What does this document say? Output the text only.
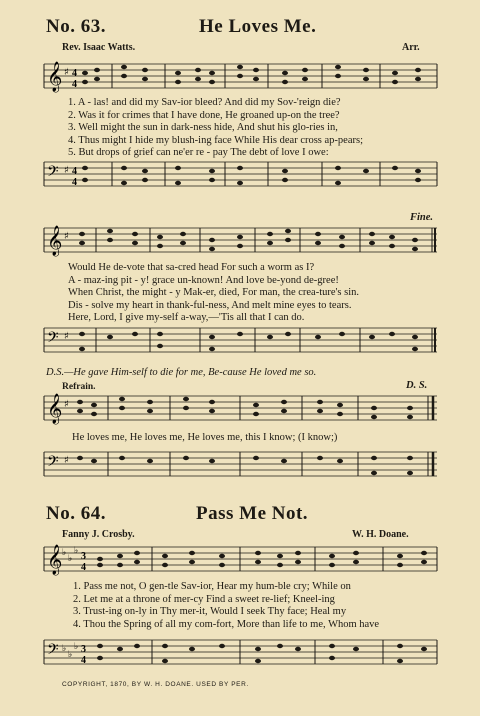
No. 63.	He Loves Me.
Rev. Isaac Watts.	Arr.
𝄞 ♯ 4
4
1. A - las! and did my Sav-ior bleed? And did my Sov-'reign die?
2. Was it for crimes that I have done, He groaned up-on the tree?
3. Well might the sun in dark-ness hide, And shut his glo-ries in,
4. Thus might I hide my blush-ing face While His dear cross ap-pears;
5. But drops of grief can ne'er re - pay The debt of love I owe:
𝄢 ♯ 4
4
Fine.
𝄞 ♯
Would He de-vote that sa-cred head For such a worm as I?
A - maz-ing pit - y! grace un-known! And love be-yond de-gree!
When Christ, the might - y Mak-er, died, For man, the crea-ture's sin.
Dis - solve my heart in thank-ful-ness, And melt mine eyes to tears.
Here, Lord, I give my-self a-way,—'Tis all that I can do.
𝄢 ♯
D.S.—He gave Him-self to die for me, Be-cause He loved me so.
Refrain.	D. S.
𝄞 ♯
He loves me, He loves me, He loves me, this I know; (I know;)
𝄢 ♯
No. 64.	Pass Me Not.
Fanny J. Crosby.	W. H. Doane.
𝄞 ♭
♭
♭ 3
4
1. Pass me not, O gen-tle Sav-ior, Hear my hum-ble cry; While on
2. Let me at a throne of mer-cy Find a sweet re-lief; Kneel-ing
3. Trust-ing on-ly in Thy mer-it, Would I seek Thy face; Heal my
4. Thou the Spring of all my com-fort, More than life to me, Whom have
𝄢 ♭
♭
♭ 3
4
COPYRIGHT, 1870, BY W. H. DOANE. USED BY PER.
